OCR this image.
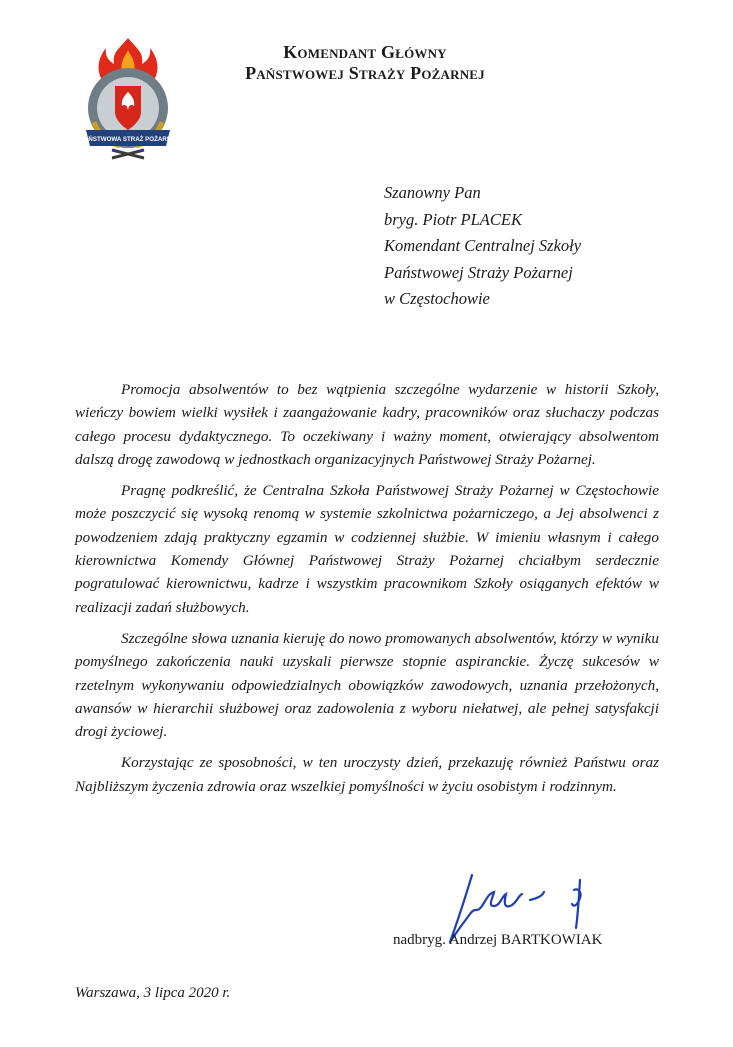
PAŃSTWOWA STRAŻ POŻARNA
Komendant Główny
Państwowej Straży Pożarnej
Szanowny Pan
bryg. Piotr PLACEK
Komendant Centralnej Szkoły
Państwowej Straży Pożarnej
w Częstochowie

Promocja absolwentów to bez wątpienia szczególne wydarzenie w historii Szkoły, wieńczy bowiem wielki wysiłek i zaangażowanie kadry, pracowników oraz słuchaczy podczas całego procesu dydaktycznego. To oczekiwany i ważny moment, otwierający absolwentom dalszą drogę zawodową w jednostkach organizacyjnych Państwowej Straży Pożarnej.

Pragnę podkreślić, że Centralna Szkoła Państwowej Straży Pożarnej w Częstochowie może poszczycić się wysoką renomą w systemie szkolnictwa pożarniczego, a Jej absolwenci z powodzeniem zdają praktyczny egzamin w codziennej służbie. W imieniu własnym i całego kierownictwa Komendy Głównej Państwowej Straży Pożarnej chciałbym serdecznie pogratulować kierownictwu, kadrze i wszystkim pracownikom Szkoły osiąganych efektów w realizacji zadań służbowych.

Szczególne słowa uznania kieruję do nowo promowanych absolwentów, którzy w wyniku pomyślnego zakończenia nauki uzyskali pierwsze stopnie aspiranckie. Życzę sukcesów w rzetelnym wykonywaniu odpowiedzialnych obowiązków zawodowych, uznania przełożonych, awansów w hierarchii służbowej oraz zadowolenia z wyboru niełatwej, ale pełnej satysfakcji drogi życiowej.

Korzystając ze sposobności, w ten uroczysty dzień, przekazuję również Państwu oraz Najbliższym życzenia zdrowia oraz wszelkiej pomyślności w życiu osobistym i rodzinnym.

nadbryg. Andrzej BARTKOWIAK
Warszawa, 3 lipca 2020 r.
